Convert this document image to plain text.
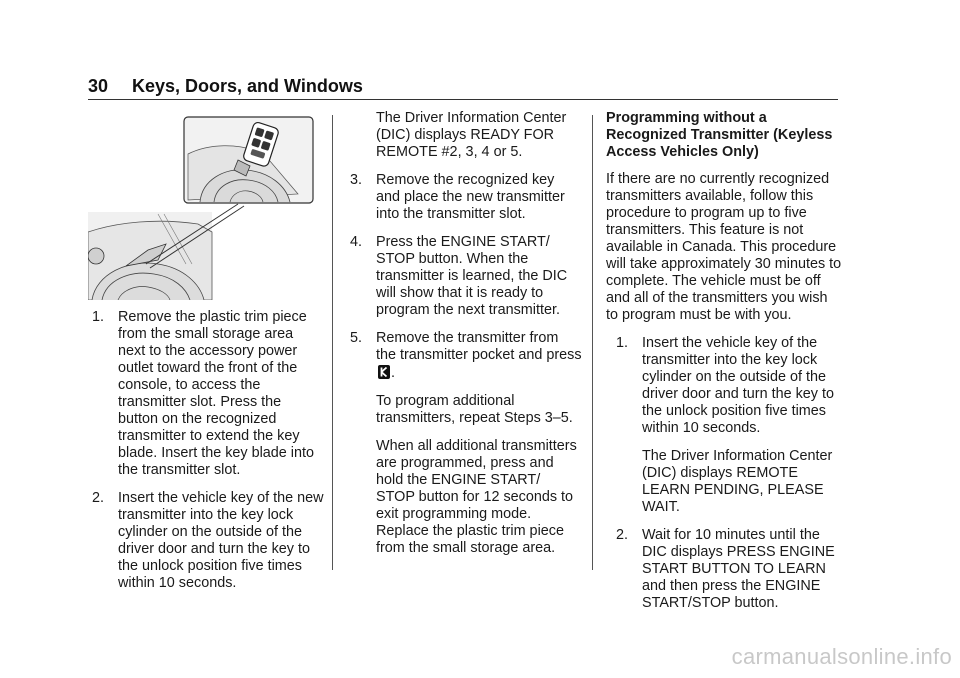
30 Keys, Doors, and Windows
1. Remove the plastic trim piece from the small storage area next to the accessory power outlet toward the front of the console, to access the transmitter slot. Press the button on the recognized transmitter to extend the key blade. Insert the key blade into the transmitter slot.
2. Insert the vehicle key of the new transmitter into the key lock cylinder on the outside of the driver door and turn the key to the unlock position five times within 10 seconds.

The Driver Information Center (DIC) displays READY FOR REMOTE #2, 3, 4 or 5.

3. Remove the recognized key and place the new transmitter into the transmitter slot.
4. Press the ENGINE START/ STOP button. When the transmitter is learned, the DIC will show that it is ready to program the next transmitter.
5. Remove the transmitter from the transmitter pocket and press.

To program additional transmitters, repeat Steps 3–5.

When all additional transmitters are programmed, press and hold the ENGINE START/ STOP button for 12 seconds to exit programming mode. Replace the plastic trim piece from the small storage area.

Programming without a Recognized Transmitter (Keyless Access Vehicles Only)

If there are no currently recognized transmitters available, follow this procedure to program up to five transmitters. This feature is not available in Canada. This procedure will take approximately 30 minutes to complete. The vehicle must be off and all of the transmitters you wish to program must be with you.

1. Insert the vehicle key of the transmitter into the key lock cylinder on the outside of the driver door and turn the key to the unlock position five times within 10 seconds.

The Driver Information Center (DIC) displays REMOTE LEARN PENDING, PLEASE WAIT.

2. Wait for 10 minutes until the DIC displays PRESS ENGINE START BUTTON TO LEARN and then press the ENGINE START/STOP button.
carmanualsonline.info
